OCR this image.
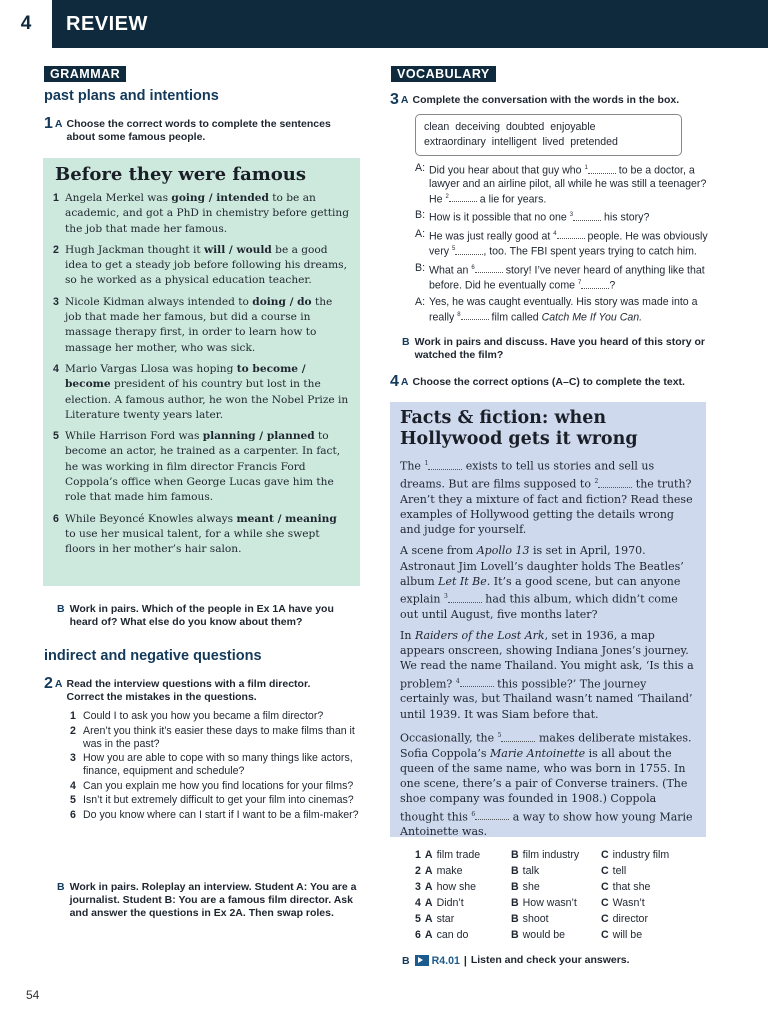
4	REVIEW
GRAMMAR
past plans and intentions
1 A Choose the correct words to complete the sentences about some famous people.
Before they were famous
1 Angela Merkel was going / intended to be an academic, and got a PhD in chemistry before getting the job that made her famous.
2 Hugh Jackman thought it will / would be a good idea to get a steady job before following his dreams, so he worked as a physical education teacher.
3 Nicole Kidman always intended to doing / do the job that made her famous, but did a course in massage therapy first, in order to learn how to massage her mother, who was sick.
4 Mario Vargas Llosa was hoping to become / become president of his country but lost in the election. A famous author, he won the Nobel Prize in Literature twenty years later.
5 While Harrison Ford was planning / planned to become an actor, he trained as a carpenter. In fact, he was working in film director Francis Ford Coppola’s office when George Lucas gave him the role that made him famous.
6 While Beyoncé Knowles always meant / meaning to use her musical talent, for a while she swept floors in her mother’s hair salon.
B Work in pairs. Which of the people in Ex 1A have you heard of? What else do you know about them?
indirect and negative questions
2 A Read the interview questions with a film director. Correct the mistakes in the questions.
1 Could I to ask you how you became a film director?
2 Aren’t you think it’s easier these days to make films than it was in the past?
3 How you are able to cope with so many things like actors, finance, equipment and schedule?
4 Can you explain me how you find locations for your films?
5 Isn’t it but extremely difficult to get your film into cinemas?
6 Do you know where can I start if I want to be a film-maker?
B Work in pairs. Roleplay an interview. Student A: You are a journalist. Student B: You are a famous film director. Ask and answer the questions in Ex 2A. Then swap roles.
VOCABULARY
3 A Complete the conversation with the words in the box.
clean deceiving doubted enjoyable
extraordinary intelligent lived pretended
A: Did you hear about that guy who $^1$	to be a doctor, a lawyer and an airline pilot, all while he was still a teenager? He $^2$	a lie for years.
B: How is it possible that no one $^3$	his story?
A: He was just really good at $^4$	people. He was obviously very $^5$	, too. The FBI spent years trying to catch him.
B: What an $^6$	story! I’ve never heard of anything like that before. Did he eventually come $^7$	?
A: Yes, he was caught eventually. His story was made into a really $^8$	film called Catch Me If You Can.
B Work in pairs and discuss. Have you heard of this story or watched the film?
4 A Choose the correct options (A–C) to complete the text.
Facts & fiction: when Hollywood gets it wrong

The $^1$	exists to tell us stories and sell us dreams. But are films supposed to $^2$	the truth? Aren’t they a mixture of fact and fiction? Read these examples of Hollywood getting the details wrong and judge for yourself.

A scene from Apollo 13 is set in April, 1970. Astronaut Jim Lovell’s daughter holds The Beatles’ album Let It Be. It’s a good scene, but can anyone explain $^3$	had this album, which didn’t come out until August, five months later?

In Raiders of the Lost Ark, set in 1936, a map appears onscreen, showing Indiana Jones’s journey. We read the name Thailand. You might ask, ‘Is this a problem? $^4$	this possible?’ The journey certainly was, but Thailand wasn’t named ‘Thailand’ until 1939. It was Siam before that.

Occasionally, the $^5$	makes deliberate mistakes. Sofia Coppola’s Marie Antoinette is all about the queen of the same name, who was born in 1755. In one scene, there’s a pair of Converse trainers. (The shoe company was founded in 1908.) Coppola thought this $^6$	a way to show how young Marie Antoinette was.

1 A film trade	B film industry	C industry film
2 A make	B talk	C tell
3 A how she	B she	C that she
4 A Didn’t	B How wasn’t	C Wasn’t
5 A star	B shoot	C director
6 A can do	B would be	C will be
B R4.01 | Listen and check your answers.
54
